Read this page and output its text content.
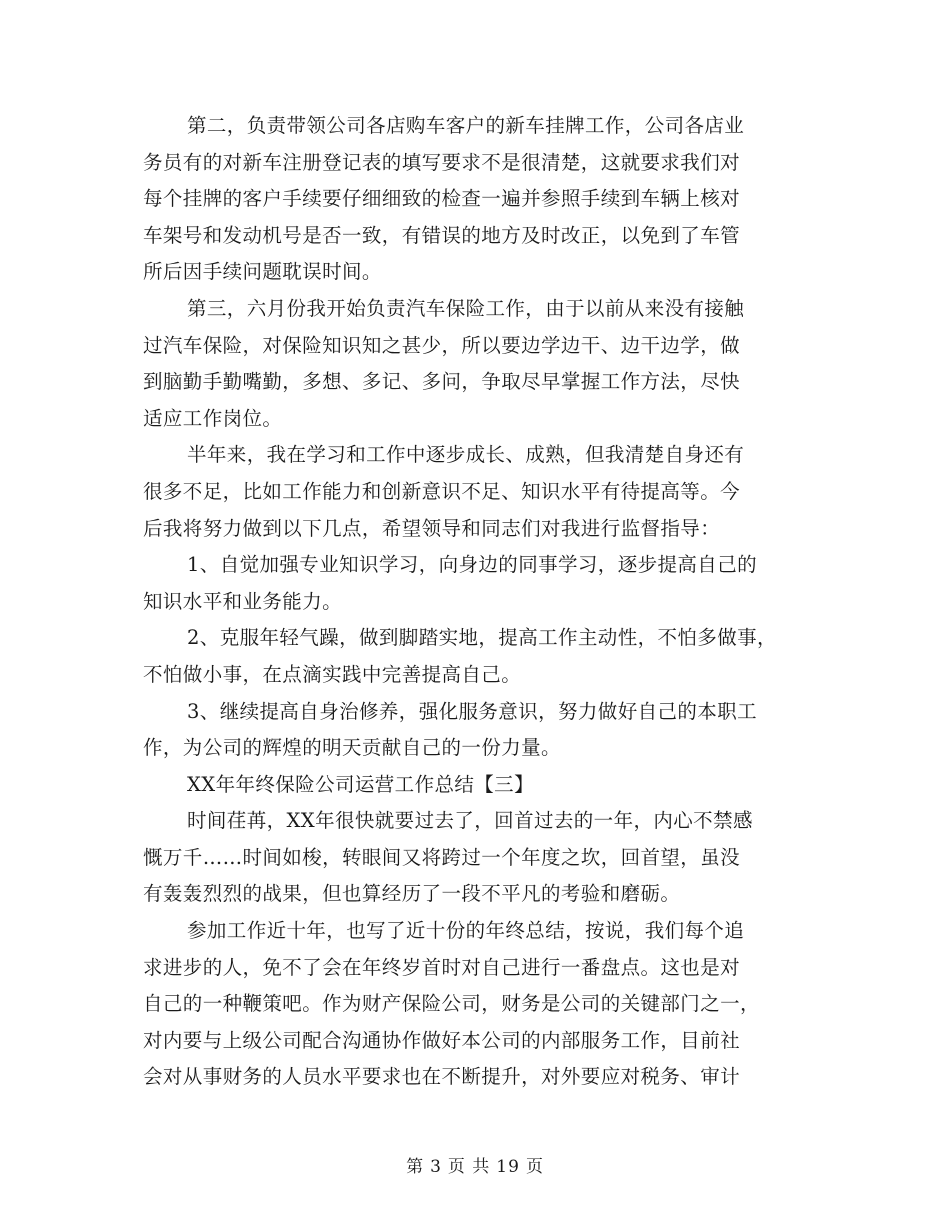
第二，负责带领公司各店购车客户的新车挂牌工作，公司各店业
务员有的对新车注册登记表的填写要求不是很清楚，这就要求我们对
每个挂牌的客户手续要仔细细致的检查一遍并参照手续到车辆上核对
车架号和发动机号是否一致，有错误的地方及时改正，以免到了车管
所后因手续问题耽误时间。
第三，六月份我开始负责汽车保险工作，由于以前从来没有接触
过汽车保险，对保险知识知之甚少，所以要边学边干、边干边学，做
到脑勤手勤嘴勤，多想、多记、多问，争取尽早掌握工作方法，尽快
适应工作岗位。
半年来，我在学习和工作中逐步成长、成熟，但我清楚自身还有
很多不足，比如工作能力和创新意识不足、知识水平有待提高等。今
后我将努力做到以下几点，希望领导和同志们对我进行监督指导：
1、自觉加强专业知识学习，向身边的同事学习，逐步提高自己的
知识水平和业务能力。
2、克服年轻气躁，做到脚踏实地，提高工作主动性，不怕多做事，
不怕做小事，在点滴实践中完善提高自己。
3、继续提高自身治修养，强化服务意识，努力做好自己的本职工
作，为公司的辉煌的明天贡献自己的一份力量。
XX年年终保险公司运营工作总结【三】
时间荏苒，XX年很快就要过去了，回首过去的一年，内心不禁感
慨万千……时间如梭，转眼间又将跨过一个年度之坎，回首望，虽没
有轰轰烈烈的战果，但也算经历了一段不平凡的考验和磨砺。
参加工作近十年，也写了近十份的年终总结，按说，我们每个追
求进步的人，免不了会在年终岁首时对自己进行一番盘点。这也是对
自己的一种鞭策吧。作为财产保险公司，财务是公司的关键部门之一，
对内要与上级公司配合沟通协作做好本公司的内部服务工作，目前社
会对从事财务的人员水平要求也在不断提升，对外要应对税务、审计
第 3 页 共 19 页
